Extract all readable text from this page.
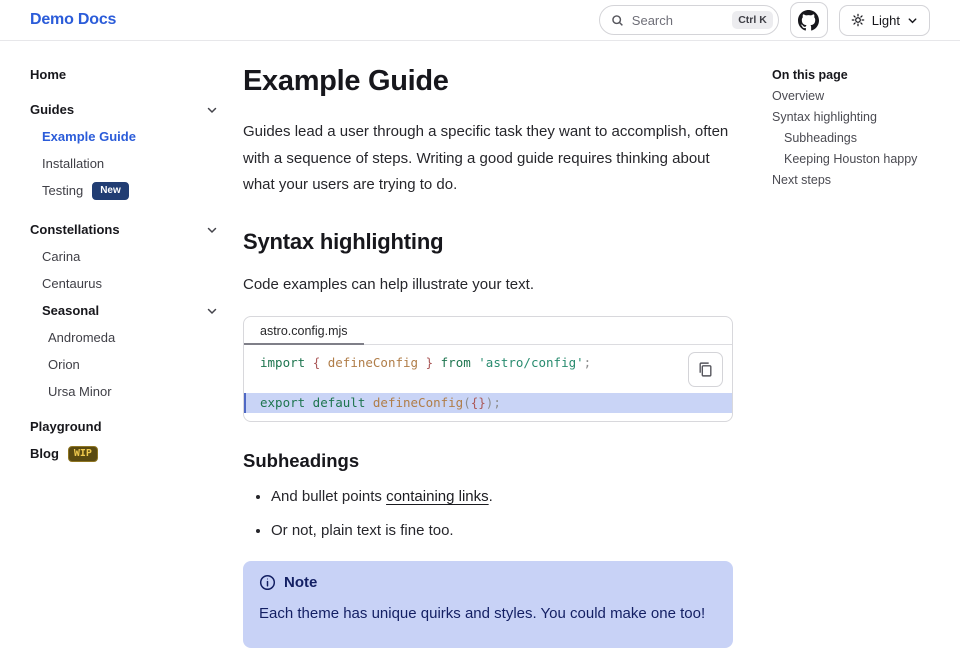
Demo Docs	Search	Ctrl K	Light
Home
Guides
Example Guide
Installation
Testing	New
Constellations
Carina
Centaurus
Seasonal
Andromeda
Orion
Ursa Minor
Playground
Blog	WIP
Example Guide

Guides lead a user through a specific task they want to accomplish, often with a sequence of steps. Writing a good guide requires thinking about what your users are trying to do.

Syntax highlighting

Code examples can help illustrate your text.

astro.config.mjs
import { defineConfig } from 'astro/config';
export default defineConfig({});
Subheadings
• And bullet points containing links.
• Or not, plain text is fine too.
Note
Each theme has unique quirks and styles. You could make one too!
On this page
Overview
Syntax highlighting
Subheadings
Keeping Houston happy
Next steps
